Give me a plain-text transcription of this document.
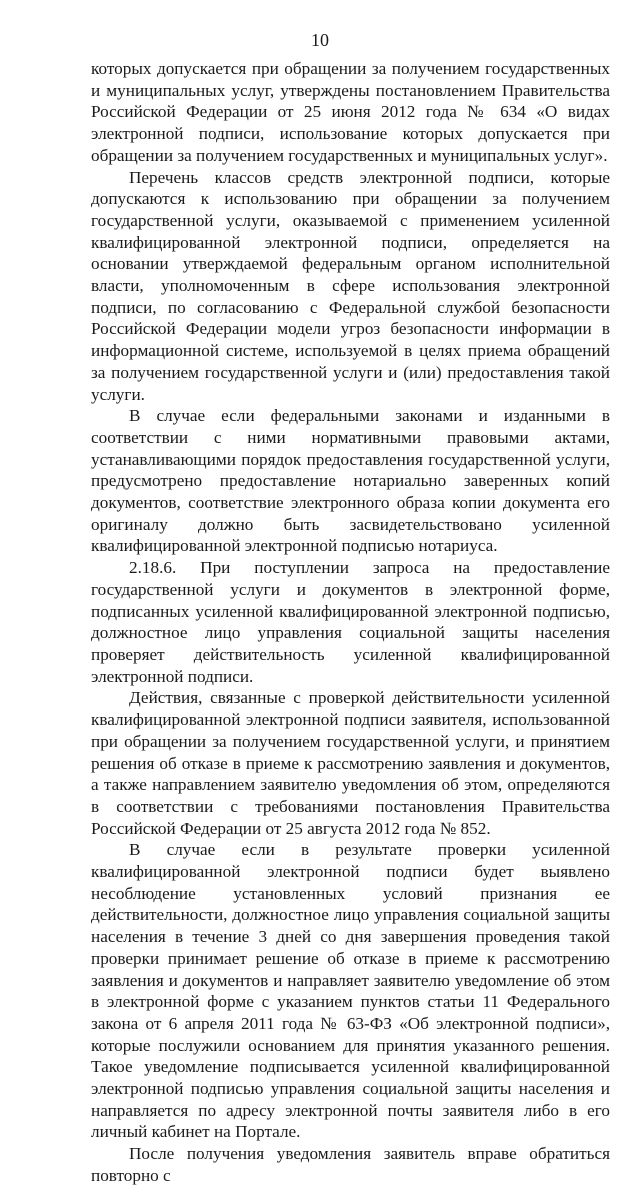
10

которых допускается при обращении за получением государственных и муниципальных услуг, утверждены постановлением Правительства Российской Федерации от 25 июня 2012 года № 634 «О видах электронной подписи, использование которых допускается при обращении за получением государственных и муниципальных услуг».

Перечень классов средств электронной подписи, которые допускаются к использованию при обращении за получением государственной услуги, оказываемой с применением усиленной квалифицированной электронной подписи, определяется на основании утверждаемой федеральным органом исполнительной власти, уполномоченным в сфере использования электронной подписи, по согласованию с Федеральной службой безопасности Российской Федерации модели угроз безопасности информации в информационной системе, используемой в целях приема обращений за получением государственной услуги и (или) предоставления такой услуги.

В случае если федеральными законами и изданными в соответствии с ними нормативными правовыми актами, устанавливающими порядок предоставления государственной услуги, предусмотрено предоставление нотариально заверенных копий документов, соответствие электронного образа копии документа его оригиналу должно быть засвидетельствовано усиленной квалифицированной электронной подписью нотариуса.

2.18.6. При поступлении запроса на предоставление государственной услуги и документов в электронной форме, подписанных усиленной квалифицированной электронной подписью, должностное лицо управления социальной защиты населения проверяет действительность усиленной квалифицированной электронной подписи.

Действия, связанные с проверкой действительности усиленной квалифицированной электронной подписи заявителя, использованной при обращении за получением государственной услуги, и принятием решения об отказе в приеме к рассмотрению заявления и документов, а также направлением заявителю уведомления об этом, определяются в соответствии с требованиями постановления Правительства Российской Федерации от 25 августа 2012 года № 852.

В случае если в результате проверки усиленной квалифицированной электронной подписи будет выявлено несоблюдение установленных условий признания ее действительности, должностное лицо управления социальной защиты населения в течение 3 дней со дня завершения проведения такой проверки принимает решение об отказе в приеме к рассмотрению заявления и документов и направляет заявителю уведомление об этом в электронной форме с указанием пунктов статьи 11 Федерального закона от 6 апреля 2011 года № 63-ФЗ «Об электронной подписи», которые послужили основанием для принятия указанного решения. Такое уведомление подписывается усиленной квалифицированной электронной подписью управления социальной защиты населения и направляется по адресу электронной почты заявителя либо в его личный кабинет на Портале.

После получения уведомления заявитель вправе обратиться повторно с
